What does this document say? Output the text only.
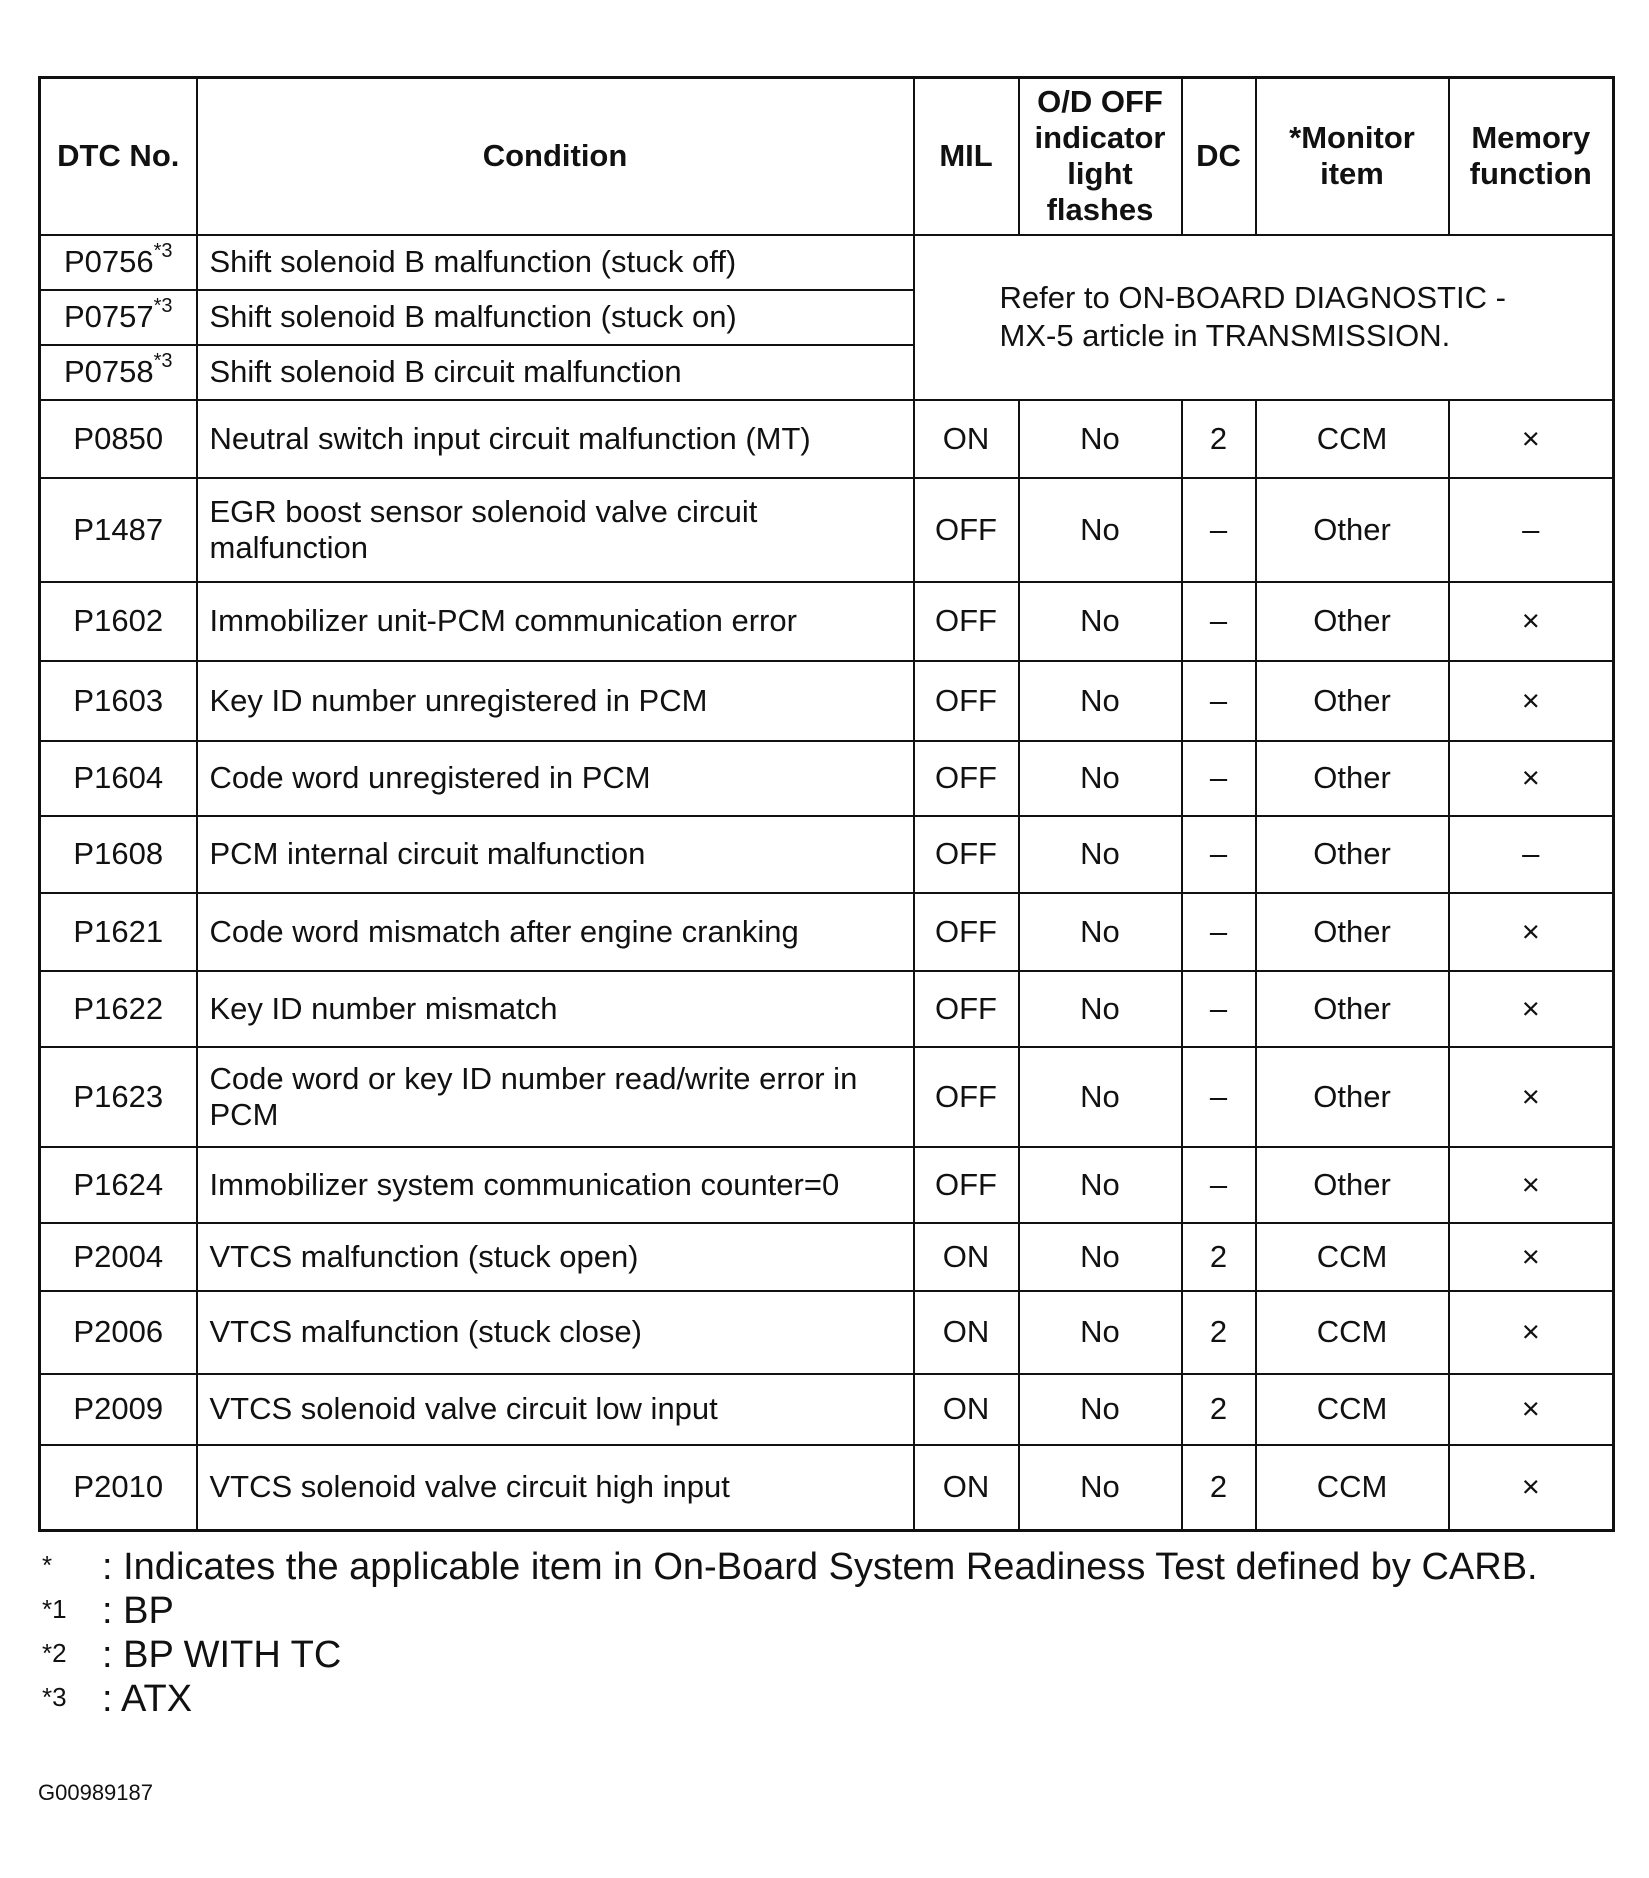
DTC No.	Condition	MIL	O/D OFF
indicator
light
flashes	DC	*Monitor
item	Memory
function
P0756$^{*3}$	Shift solenoid B malfunction (stuck off)	Refer to ON-BOARD DIAGNOSTIC -
MX-5 article in TRANSMISSION.				
P0757$^{*3}$	Shift solenoid B malfunction (stuck on)					
P0758$^{*3}$	Shift solenoid B circuit malfunction					
P0850	Neutral switch input circuit malfunction (MT)	ON	No	2	CCM	×
P1487	EGR boost sensor solenoid valve circuit malfunction	OFF	No	–	Other	–
P1602	Immobilizer unit-PCM communication error	OFF	No	–	Other	×
P1603	Key ID number unregistered in PCM	OFF	No	–	Other	×
P1604	Code word unregistered in PCM	OFF	No	–	Other	×
P1608	PCM internal circuit malfunction	OFF	No	–	Other	–
P1621	Code word mismatch after engine cranking	OFF	No	–	Other	×
P1622	Key ID number mismatch	OFF	No	–	Other	×
P1623	Code word or key ID number read/write error in PCM	OFF	No	–	Other	×
P1624	Immobilizer system communication counter=0	OFF	No	–	Other	×
P2004	VTCS malfunction (stuck open)	ON	No	2	CCM	×
P2006	VTCS malfunction (stuck close)	ON	No	2	CCM	×
P2009	VTCS solenoid valve circuit low input	ON	No	2	CCM	×
P2010	VTCS solenoid valve circuit high input	ON	No	2	CCM	×
* : Indicates the applicable item in On-Board System Readiness Test defined by CARB.
*1 : BP
*2 : BP WITH TC
*3 : ATX
G00989187
